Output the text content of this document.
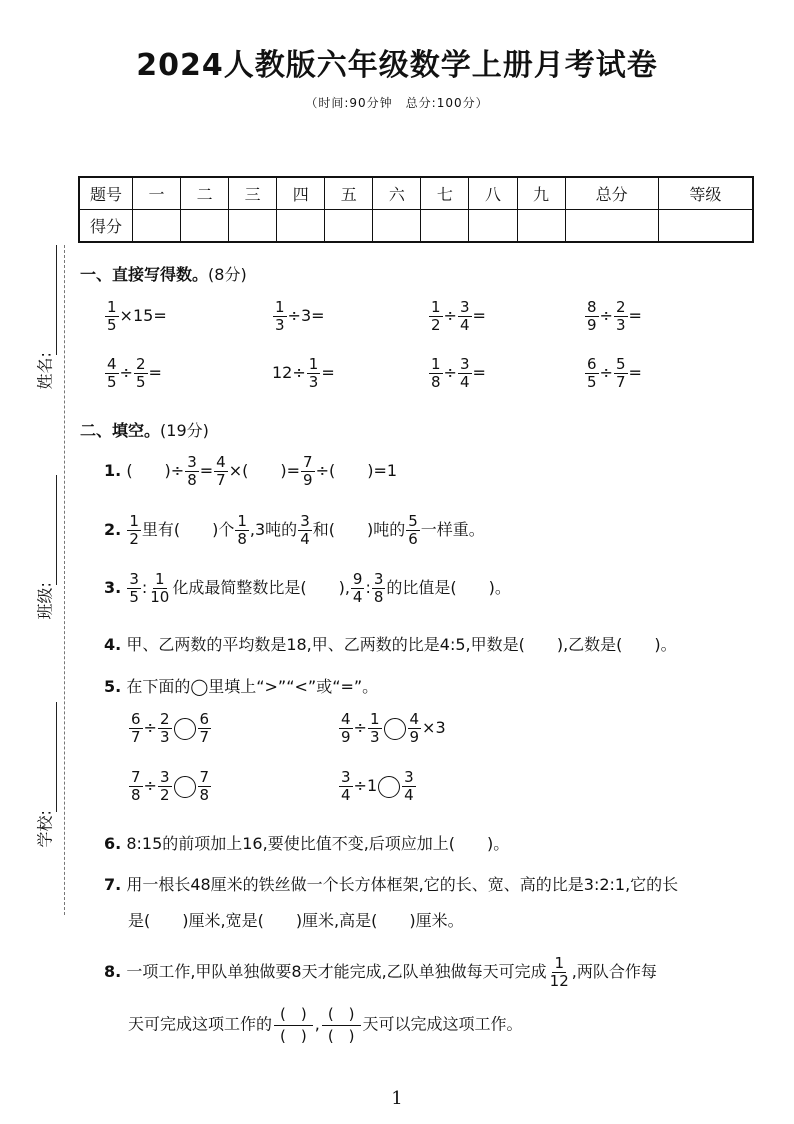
2024人教版六年级数学上册月考试卷
（时间:90分钟　总分:100分）
题号	一	二	三	四	五	六	七	八	九	总分	等级
得分											
姓名:
班级:
学校:
一、直接写得数。(8分)
$\frac{1}{5} \times 15=$	$\frac{1}{3} \div 3=$	$\frac{1}{2} \div \frac{3}{4}$ =	$\frac{8}{9} \div \frac{2}{3}$ =
$\frac{4}{5} \div \frac{2}{5}$ =	$12\div \frac{1}{3}$ =	$\frac{1}{8} \div \frac{3}{4}$ =	$\frac{6}{5} \div \frac{5}{7}$ =
二、填空。(19分)
1. (　　)÷ $\frac{3}{8} = \frac{4}{7}$ ×(　　)= $\frac{7}{9}$ ÷(　　)=1
2. $\frac{1}{2}$ 里有(　　)个 $\frac{1}{8} ,3$吨的 $\frac{3}{4}$ 和(　　)吨的 $\frac{5}{6}$ 一样重。
3. $\frac{3}{5}$ : $\frac{1}{10}$ 化成最简整数比是(　　), $\frac{9}{4}$ : $\frac{3}{8}$ 的比值是(　　)。
4. 甲、乙两数的平均数是18,甲、乙两数的比是4:5,甲数是(　　),乙数是(　　)。
5. 在下面的◯里填上“>”“<”或“=”。
$\frac{6}{7} \div \frac{2}{3} \frac{6}{7}$	$\frac{4}{9} \div \frac{1}{3} \frac{4}{9} \times 3$
$\frac{7}{8} \div \frac{3}{2} \frac{7}{8}$	$\frac{3}{4} \div 1 \frac{3}{4}$
6. 8:15的前项加上16,要使比值不变,后项应加上(　　)。
7. 用一根长48厘米的铁丝做一个长方体框架,它的长、宽、高的比是3:2:1,它的长
是(　　)厘米,宽是(　　)厘米,高是(　　)厘米。
8. 一项工作,甲队单独做要8天才能完成,乙队单独做每天可完成 $\frac{1}{12}$ ,两队合作每
天可完成这项工作的
(　)
(　)
,
(　)
(　)
天可以完成这项工作。
1
